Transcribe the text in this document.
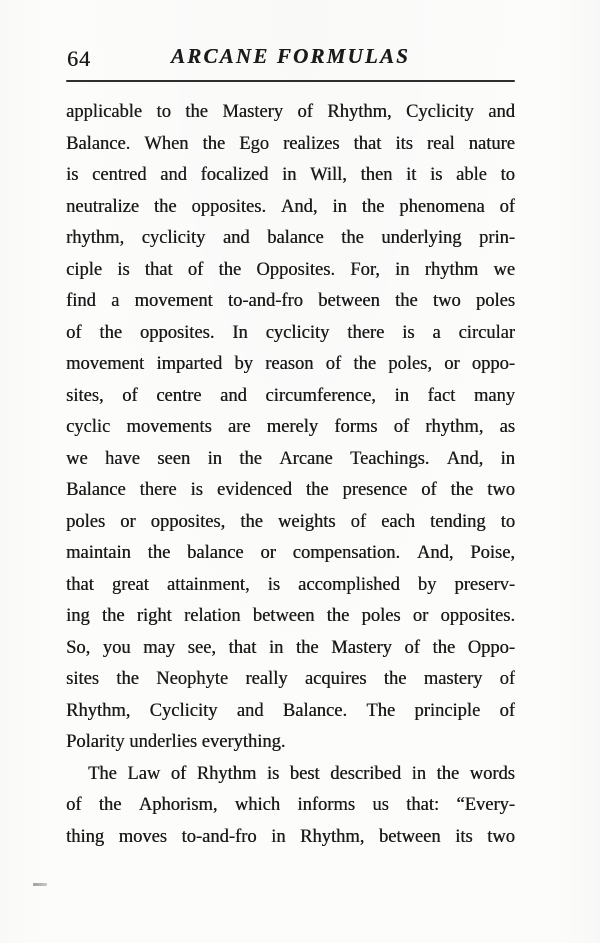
64	ARCANE FORMULAS
applicable to the Mastery of Rhythm, Cyclicity and
Balance. When the Ego realizes that its real nature
is centred and focalized in Will, then it is able to
neutralize the opposites. And, in the phenomena of
rhythm, cyclicity and balance the underlying prin-
ciple is that of the Opposites. For, in rhythm we
find a movement to-and-fro between the two poles
of the opposites. In cyclicity there is a circular
movement imparted by reason of the poles, or oppo-
sites, of centre and circumference, in fact many
cyclic movements are merely forms of rhythm, as
we have seen in the Arcane Teachings. And, in
Balance there is evidenced the presence of the two
poles or opposites, the weights of each tending to
maintain the balance or compensation. And, Poise,
that great attainment, is accomplished by preserv-
ing the right relation between the poles or opposites.
So, you may see, that in the Mastery of the Oppo-
sites the Neophyte really acquires the mastery of
Rhythm, Cyclicity and Balance. The principle of
Polarity underlies everything.
The Law of Rhythm is best described in the words
of the Aphorism, which informs us that: “Every-
thing moves to-and-fro in Rhythm, between its two
